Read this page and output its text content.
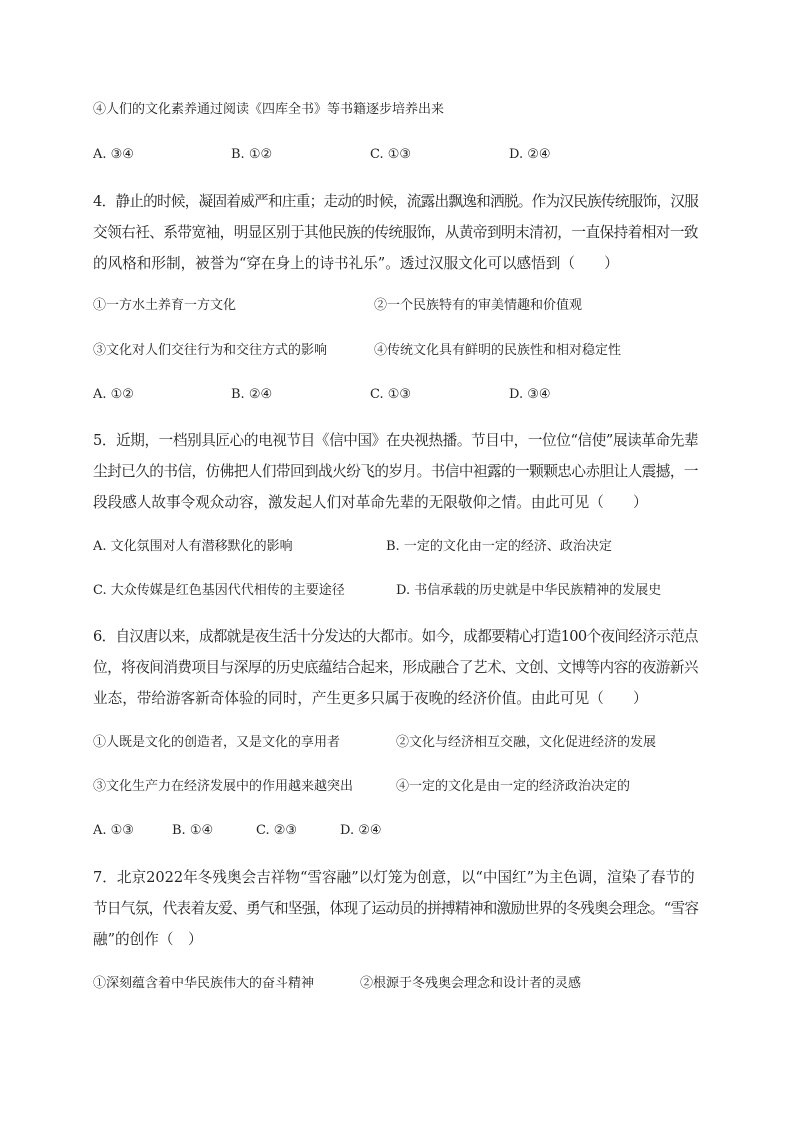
④人们的文化素养通过阅读《四库全书》等书籍逐步培养出来
A. ③④	B. ①②	C. ①③	D. ②④
4．静止的时候，凝固着威严和庄重；走动的时候，流露出飘逸和洒脱。作为汉民族传统服饰，汉服
交领右衽、系带宽袖，明显区别于其他民族的传统服饰，从黄帝到明末清初，一直保持着相对一致
的风格和形制，被誉为“穿在身上的诗书礼乐”。透过汉服文化可以感悟到（　　）
①一方水土养育一方文化	②一个民族特有的审美情趣和价值观
③文化对人们交往行为和交往方式的影响	④传统文化具有鲜明的民族性和相对稳定性
A. ①②	B. ②④	C. ①③	D. ③④
5．近期，一档别具匠心的电视节目《信中国》在央视热播。节目中，一位位“信使”展读革命先辈
尘封已久的书信，仿佛把人们带回到战火纷飞的岁月。书信中袒露的一颗颗忠心赤胆让人震撼，一
段段感人故事令观众动容，激发起人们对革命先辈的无限敬仰之情。由此可见（　　）
A. 文化氛围对人有潜移默化的影响	B. 一定的文化由一定的经济、政治决定
C. 大众传媒是红色基因代代相传的主要途径	D. 书信承载的历史就是中华民族精神的发展史
6．自汉唐以来，成都就是夜生活十分发达的大都市。如今，成都要精心打造100个夜间经济示范点
位，将夜间消费项目与深厚的历史底蕴结合起来，形成融合了艺术、文创、文博等内容的夜游新兴
业态，带给游客新奇体验的同时，产生更多只属于夜晚的经济价值。由此可见（　　）
①人既是文化的创造者，又是文化的享用者	②文化与经济相互交融，文化促进经济的发展
③文化生产力在经济发展中的作用越来越突出	④一定的文化是由一定的经济政治决定的
A. ①③	B. ①④	C. ②③	D. ②④
7．北京2022年冬残奥会吉祥物“雪容融”以灯笼为创意，以“中国红”为主色调，渲染了春节的
节日气氛，代表着友爱、勇气和坚强，体现了运动员的拼搏精神和激励世界的冬残奥会理念。“雪容
融”的创作（　）
①深刻蕴含着中华民族伟大的奋斗精神	②根源于冬残奥会理念和设计者的灵感
